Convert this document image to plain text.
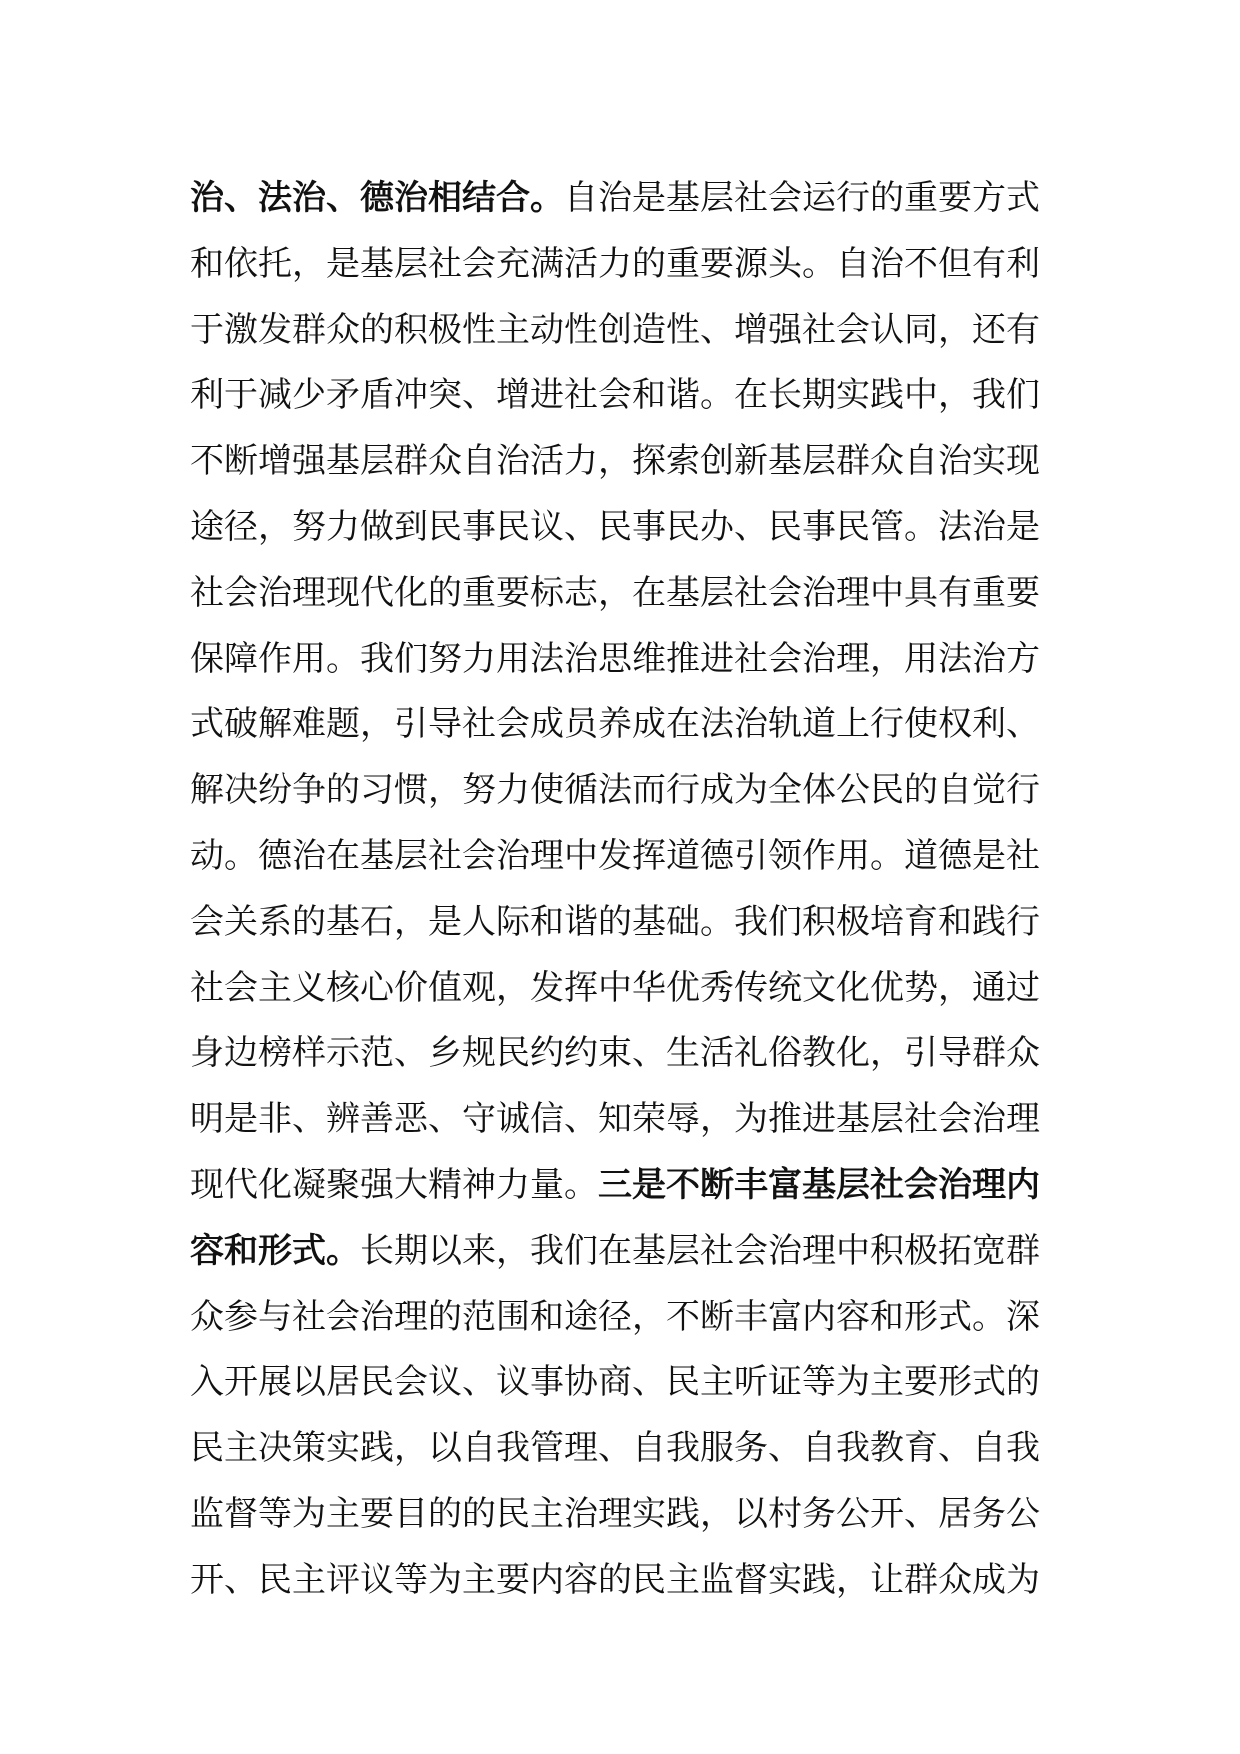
治、法治、德治相结合。自治是基层社会运行的重要方式
和依托，是基层社会充满活力的重要源头。自治不但有利
于激发群众的积极性主动性创造性、增强社会认同，还有
利于减少矛盾冲突、增进社会和谐。在长期实践中，我们
不断增强基层群众自治活力，探索创新基层群众自治实现
途径，努力做到民事民议、民事民办、民事民管。法治是
社会治理现代化的重要标志，在基层社会治理中具有重要
保障作用。我们努力用法治思维推进社会治理，用法治方
式破解难题，引导社会成员养成在法治轨道上行使权利、
解决纷争的习惯，努力使循法而行成为全体公民的自觉行
动。德治在基层社会治理中发挥道德引领作用。道德是社
会关系的基石，是人际和谐的基础。我们积极培育和践行
社会主义核心价值观，发挥中华优秀传统文化优势，通过
身边榜样示范、乡规民约约束、生活礼俗教化，引导群众
明是非、辨善恶、守诚信、知荣辱，为推进基层社会治理
现代化凝聚强大精神力量。三是不断丰富基层社会治理内
容和形式。长期以来，我们在基层社会治理中积极拓宽群
众参与社会治理的范围和途径，不断丰富内容和形式。深
入开展以居民会议、议事协商、民主听证等为主要形式的
民主决策实践，以自我管理、自我服务、自我教育、自我
监督等为主要目的的民主治理实践，以村务公开、居务公
开、民主评议等为主要内容的民主监督实践，让群众成为
